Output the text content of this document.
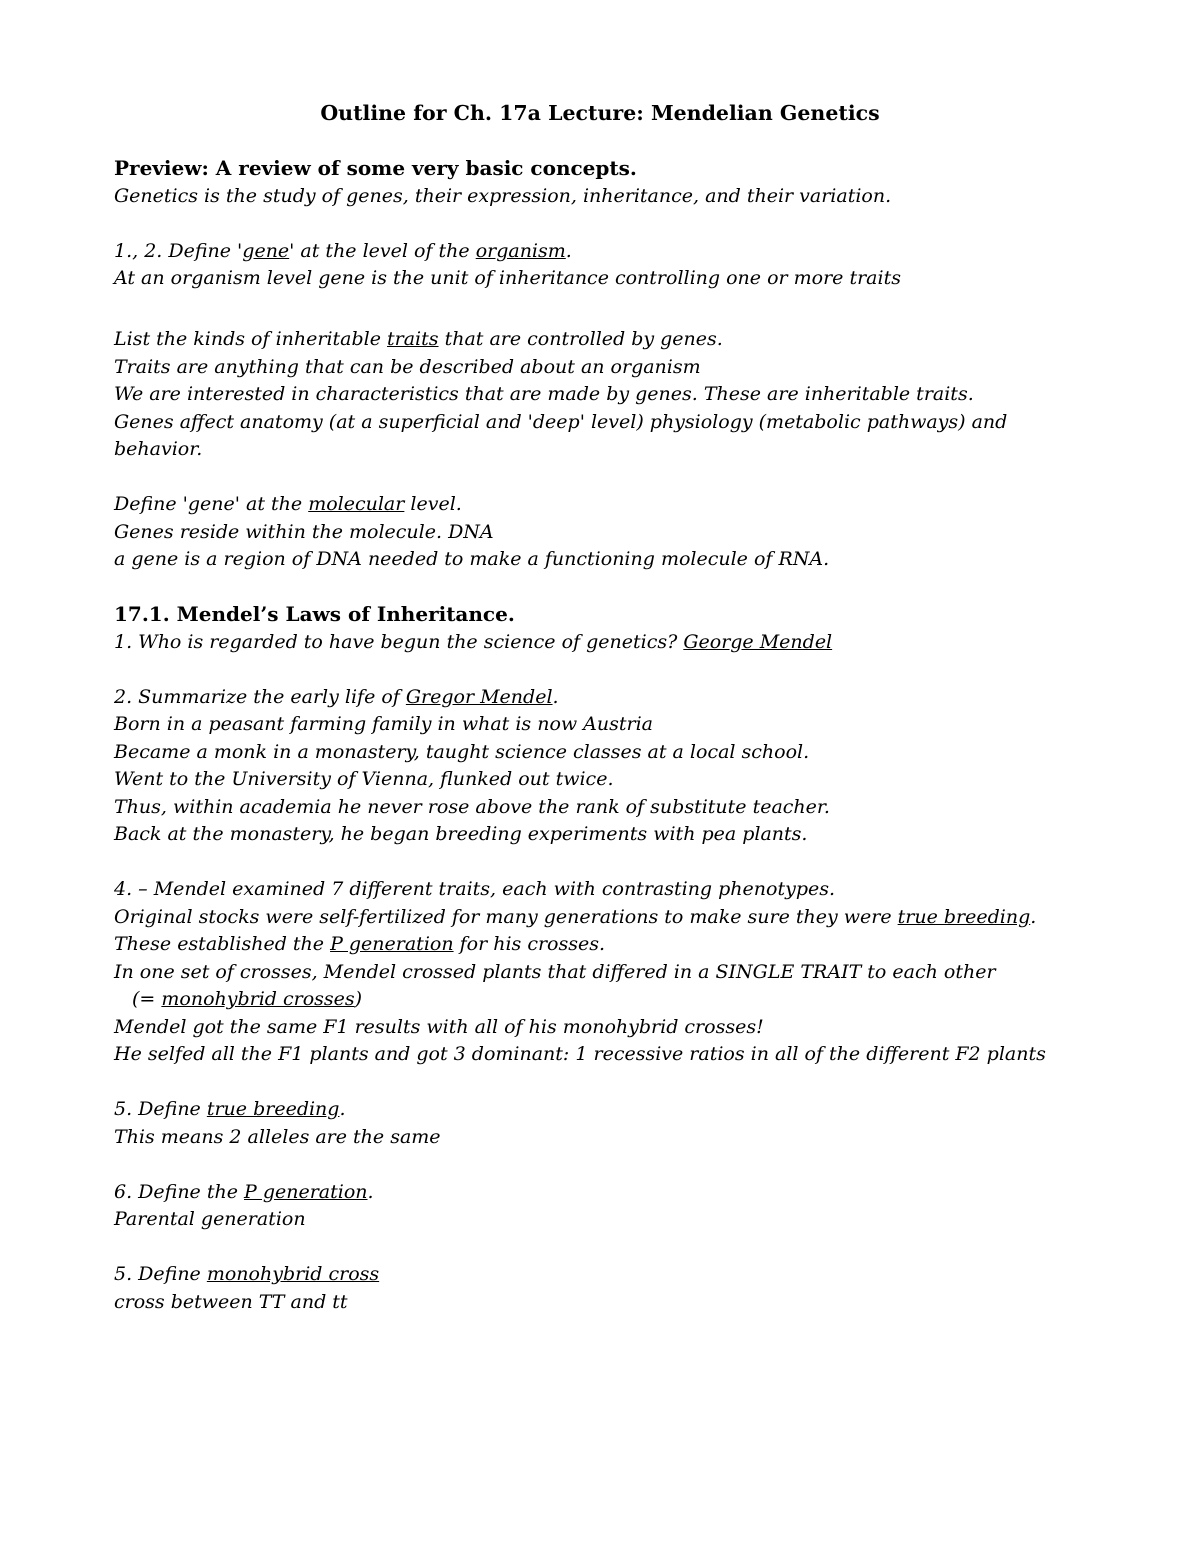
Outline for Ch. 17a Lecture: Mendelian Genetics
Preview: A review of some very basic concepts.
Genetics is the study of genes, their expression, inheritance, and their variation.
1., 2. Define 'gene' at the level of the organism.
At an organism level gene is the unit of inheritance controlling one or more traits
List the kinds of inheritable traits that are controlled by genes.
Traits are anything that can be described about an organism
We are interested in characteristics that are made by genes. These are inheritable traits.
Genes affect anatomy (at a superficial and 'deep' level) physiology (metabolic pathways) and behavior.
Define 'gene' at the molecular level.
Genes reside within the molecule. DNA
a gene is a region of DNA needed to make a functioning molecule of RNA.
17.1. Mendel’s Laws of Inheritance.
1. Who is regarded to have begun the science of genetics? George Mendel
2. Summarize the early life of Gregor Mendel.
Born in a peasant farming family in what is now Austria
Became a monk in a monastery, taught science classes at a local school.
Went to the University of Vienna, flunked out twice.
Thus, within academia he never rose above the rank of substitute teacher.
Back at the monastery, he began breeding experiments with pea plants.
4. – Mendel examined 7 different traits, each with contrasting phenotypes.
Original stocks were self-fertilized for many generations to make sure they were true breeding.
These established the P generation for his crosses.
In one set of crosses, Mendel crossed plants that differed in a SINGLE TRAIT to each other
(= monohybrid crosses)
Mendel got the same F1 results with all of his monohybrid crosses!
He selfed all the F1 plants and got 3 dominant: 1 recessive ratios in all of the different F2 plants
5. Define true breeding.
This means 2 alleles are the same
6. Define the P generation.
Parental generation
5. Define monohybrid cross
cross between TT and tt
